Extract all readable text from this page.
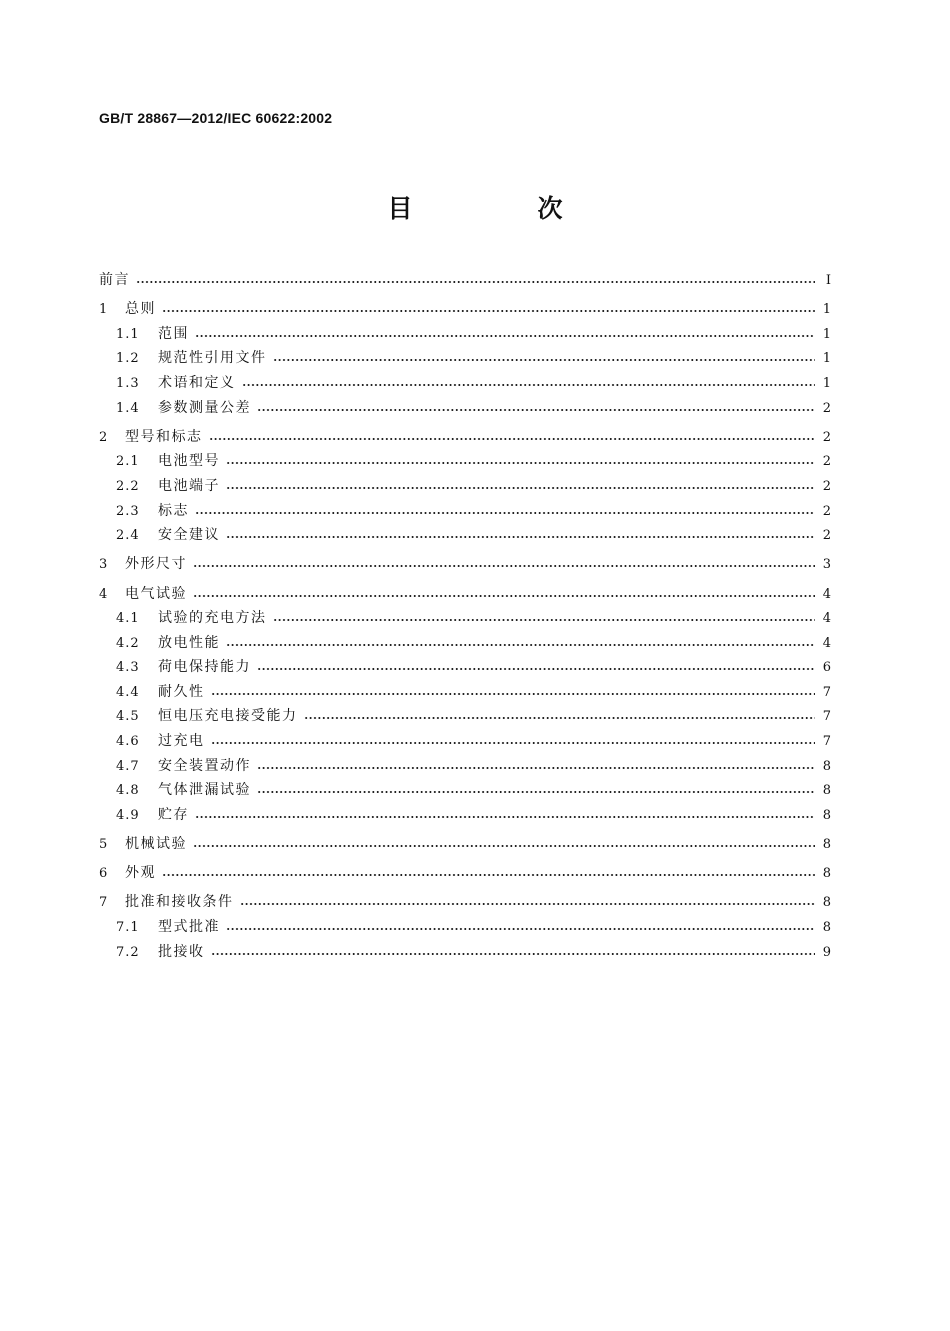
GB/T 28867—2012/IEC 60622:2002
目　次
前言	Ⅰ
1	总则	1
1.1	范围	1
1.2	规范性引用文件	1
1.3	术语和定义	1
1.4	参数测量公差	2
2	型号和标志	2
2.1	电池型号	2
2.2	电池端子	2
2.3	标志	2
2.4	安全建议	2
3	外形尺寸	3
4	电气试验	4
4.1	试验的充电方法	4
4.2	放电性能	4
4.3	荷电保持能力	6
4.4	耐久性	7
4.5	恒电压充电接受能力	7
4.6	过充电	7
4.7	安全装置动作	8
4.8	气体泄漏试验	8
4.9	贮存	8
5	机械试验	8
6	外观	8
7	批准和接收条件	8
7.1	型式批准	8
7.2	批接收	9
